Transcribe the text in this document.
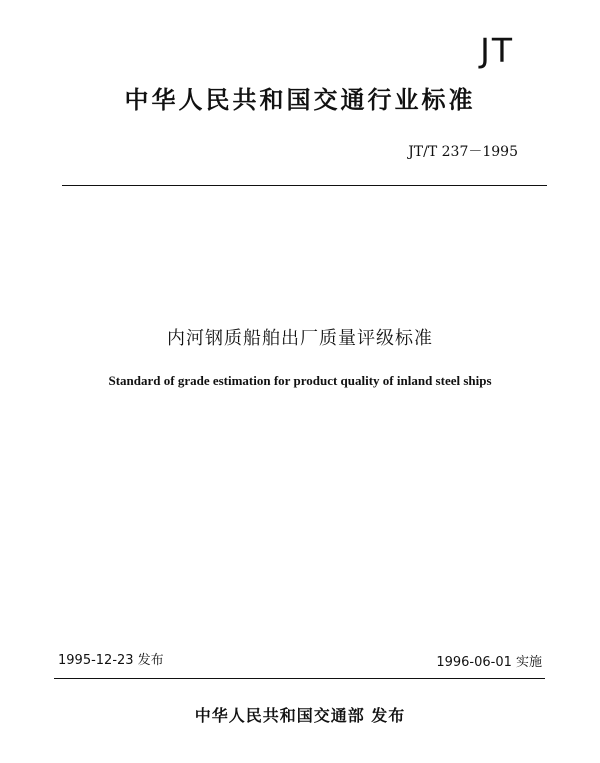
JT
中华人民共和国交通行业标准
JT/T 237－1995
内河钢质船舶出厂质量评级标准
Standard of grade estimation for product quality of inland steel ships
1995-12-23 发布	1996-06-01 实施
中华人民共和国交通部 发布
